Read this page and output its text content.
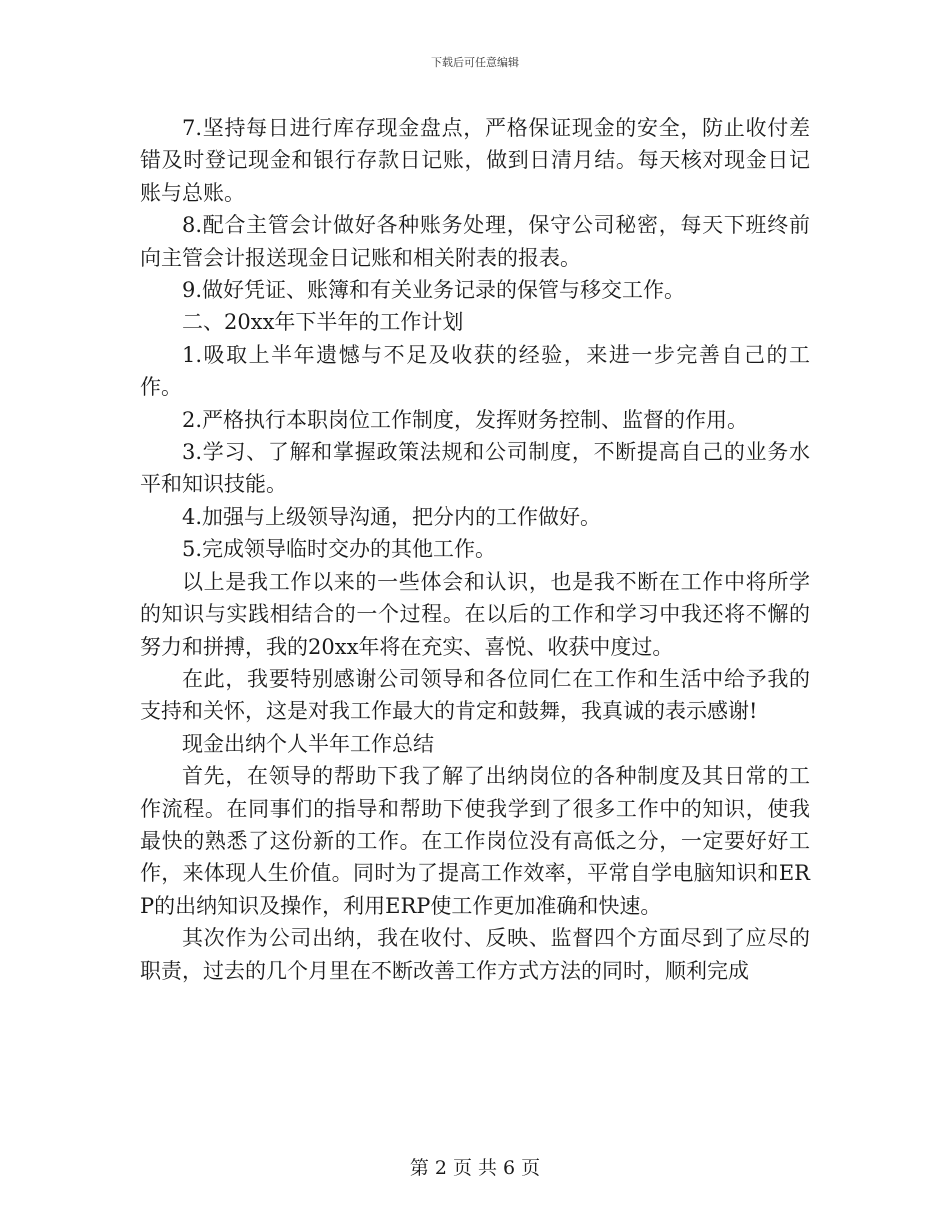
下载后可任意编辑

7.坚持每日进行库存现金盘点，严格保证现金的安全，防止收付差错及时登记现金和银行存款日记账，做到日清月结。每天核对现金日记账与总账。

8.配合主管会计做好各种账务处理，保守公司秘密，每天下班终前向主管会计报送现金日记账和相关附表的报表。

9.做好凭证、账簿和有关业务记录的保管与移交工作。

二、20xx年下半年的工作计划

1.吸取上半年遗憾与不足及收获的经验，来进一步完善自己的工作。

2.严格执行本职岗位工作制度，发挥财务控制、监督的作用。

3.学习、了解和掌握政策法规和公司制度，不断提高自己的业务水平和知识技能。

4.加强与上级领导沟通，把分内的工作做好。

5.完成领导临时交办的其他工作。

以上是我工作以来的一些体会和认识，也是我不断在工作中将所学的知识与实践相结合的一个过程。在以后的工作和学习中我还将不懈的努力和拼搏，我的20xx年将在充实、喜悦、收获中度过。

在此，我要特别感谢公司领导和各位同仁在工作和生活中给予我的支持和关怀，这是对我工作最大的肯定和鼓舞，我真诚的表示感谢!

现金出纳个人半年工作总结

首先，在领导的帮助下我了解了出纳岗位的各种制度及其日常的工作流程。在同事们的指导和帮助下使我学到了很多工作中的知识，使我最快的熟悉了这份新的工作。在工作岗位没有高低之分，一定要好好工作，来体现人生价值。同时为了提高工作效率，平常自学电脑知识和ERP的出纳知识及操作，利用ERP使工作更加准确和快速。

其次作为公司出纳，我在收付、反映、监督四个方面尽到了应尽的职责，过去的几个月里在不断改善工作方式方法的同时，顺利完成

第 2 页 共 6 页
